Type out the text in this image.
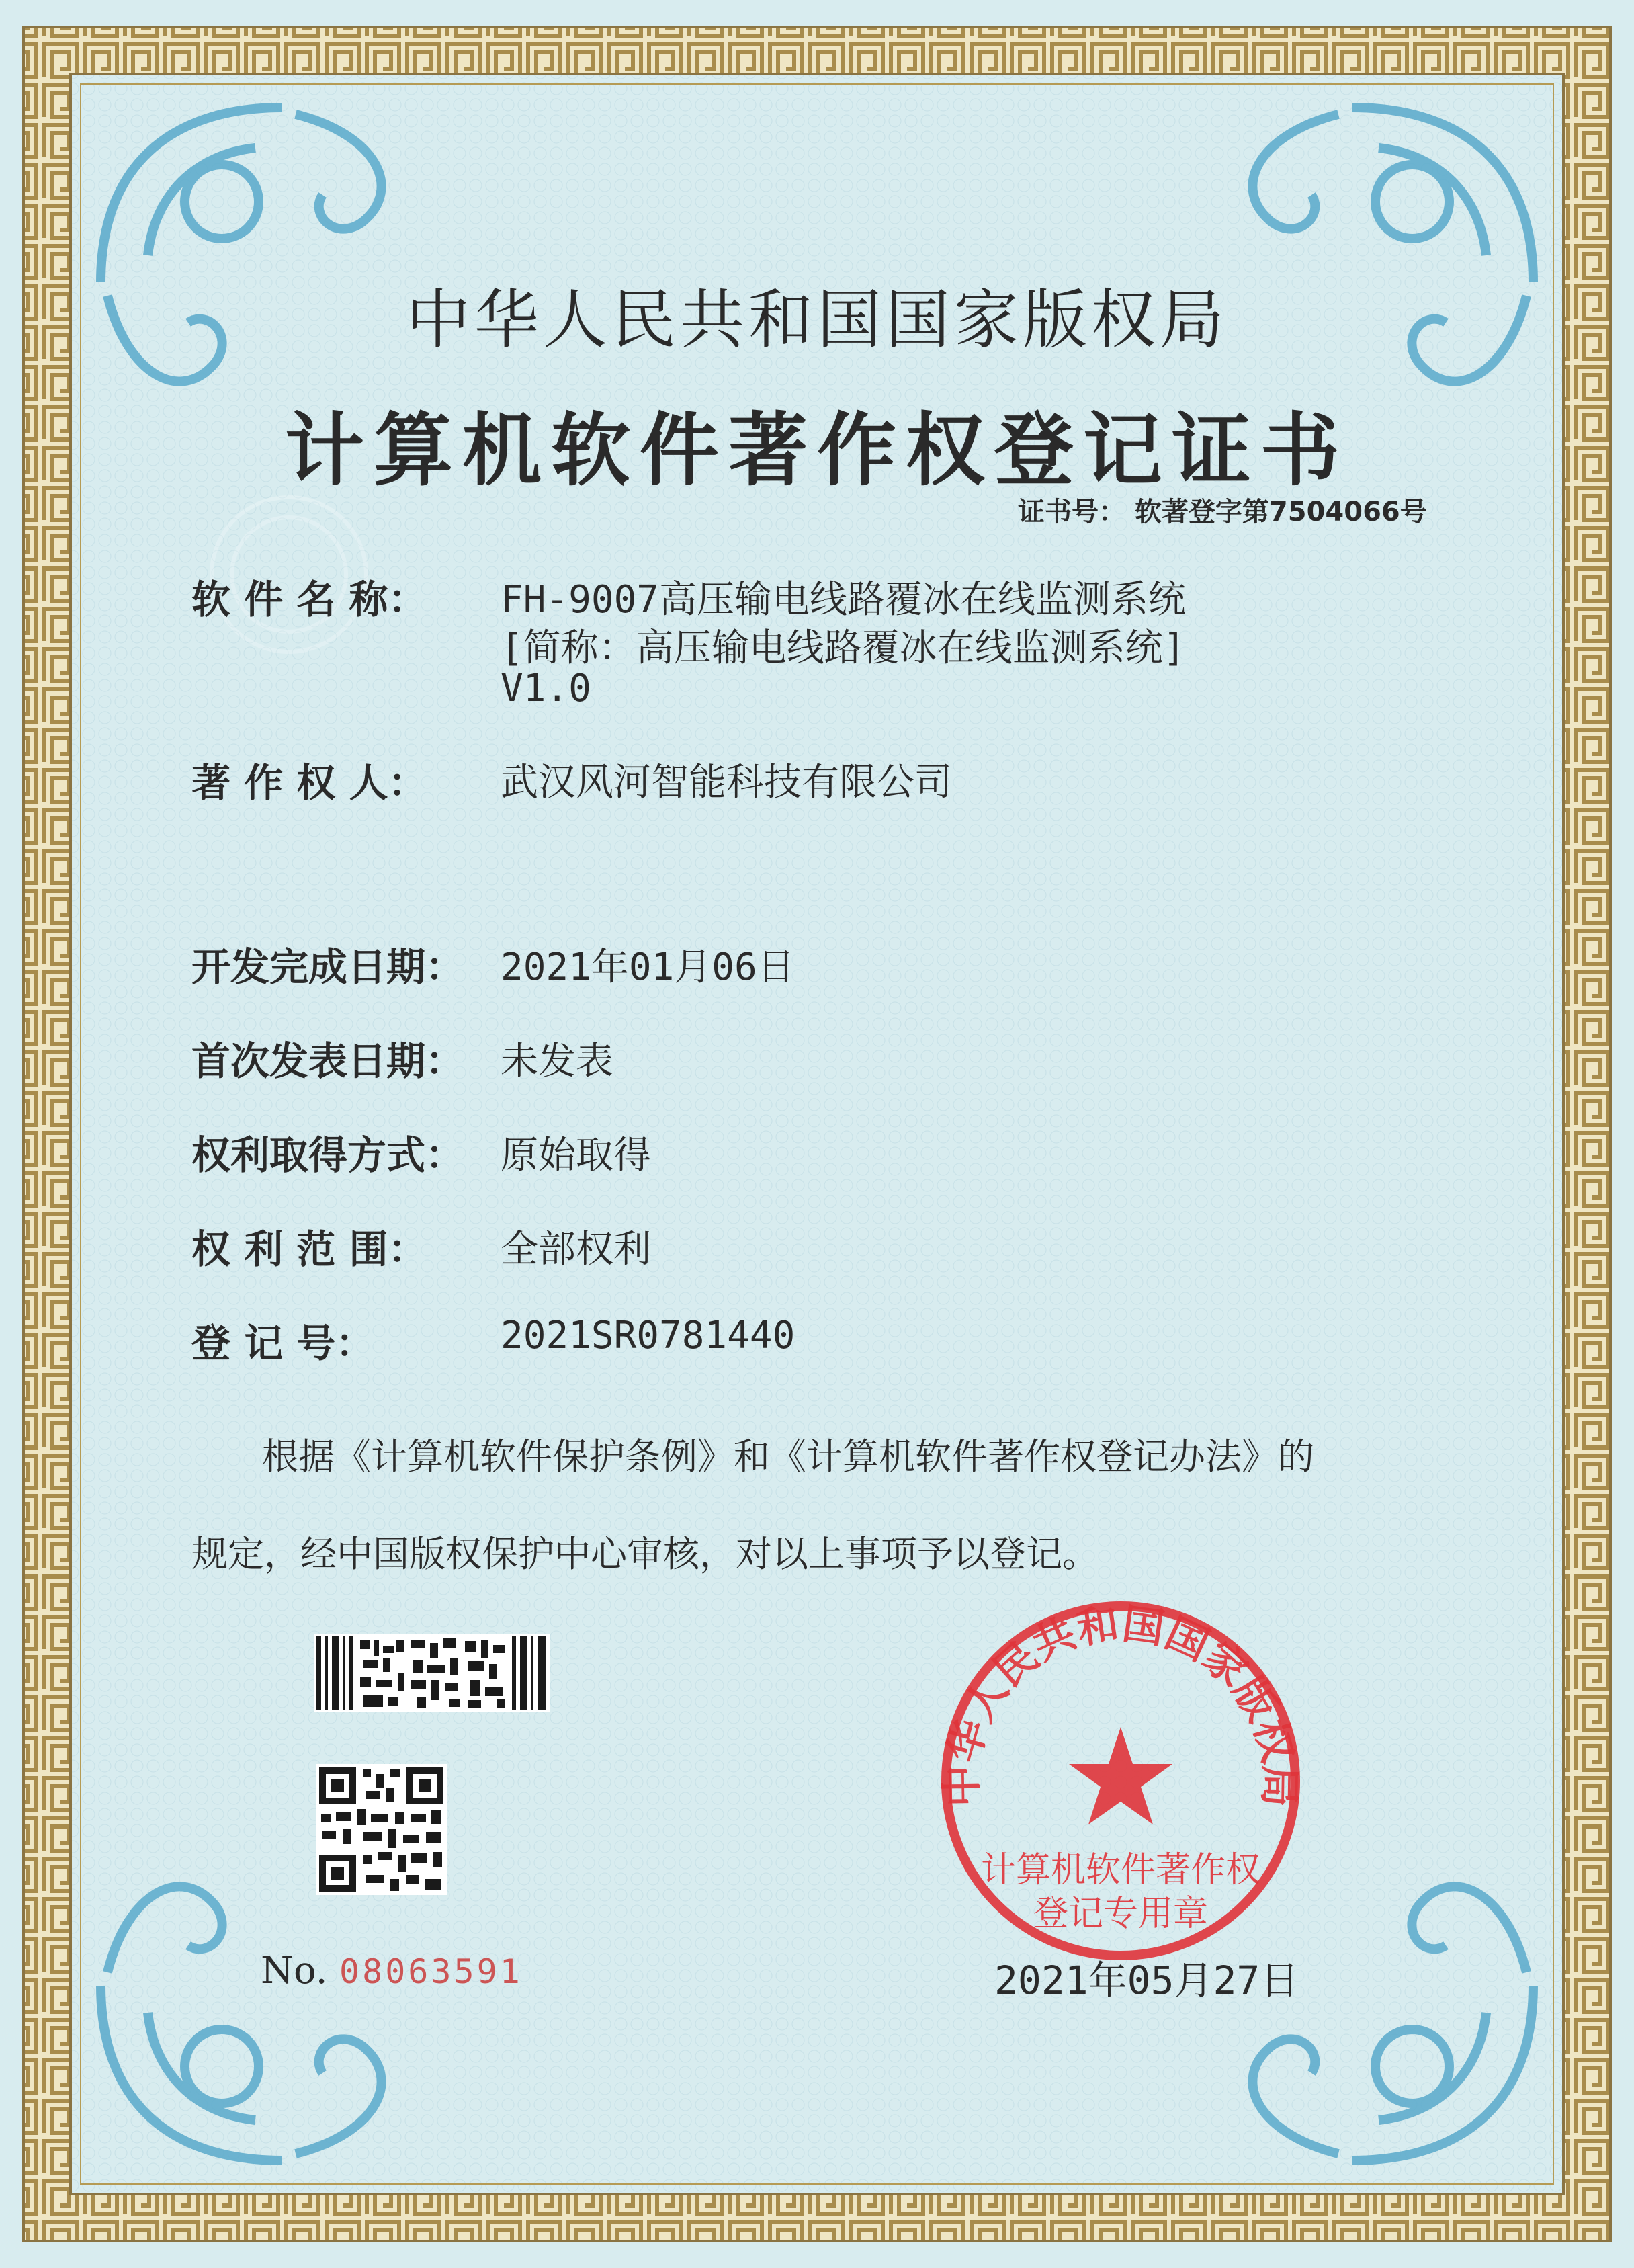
中华人民共和国国家版权局
计算机软件著作权
登记专用章
中华人民共和国国家版权局
计算机软件著作权登记证书
证书号： 软著登字第7504066号
软 件 名 称： FH-9007高压输电线路覆冰在线监测系统
[简称：高压输电线路覆冰在线监测系统]
V1.0
著 作 权 人： 武汉风河智能科技有限公司
开发完成日期： 2021年01月06日
首次发表日期： 未发表
权利取得方式： 原始取得
权 利 范 围： 全部权利
登 记 号：	2021SR0781440
根据《计算机软件保护条例》和《计算机软件著作权登记办法》的
规定，经中国版权保护中心审核，对以上事项予以登记。
No. 08063591	2021年05月27日
